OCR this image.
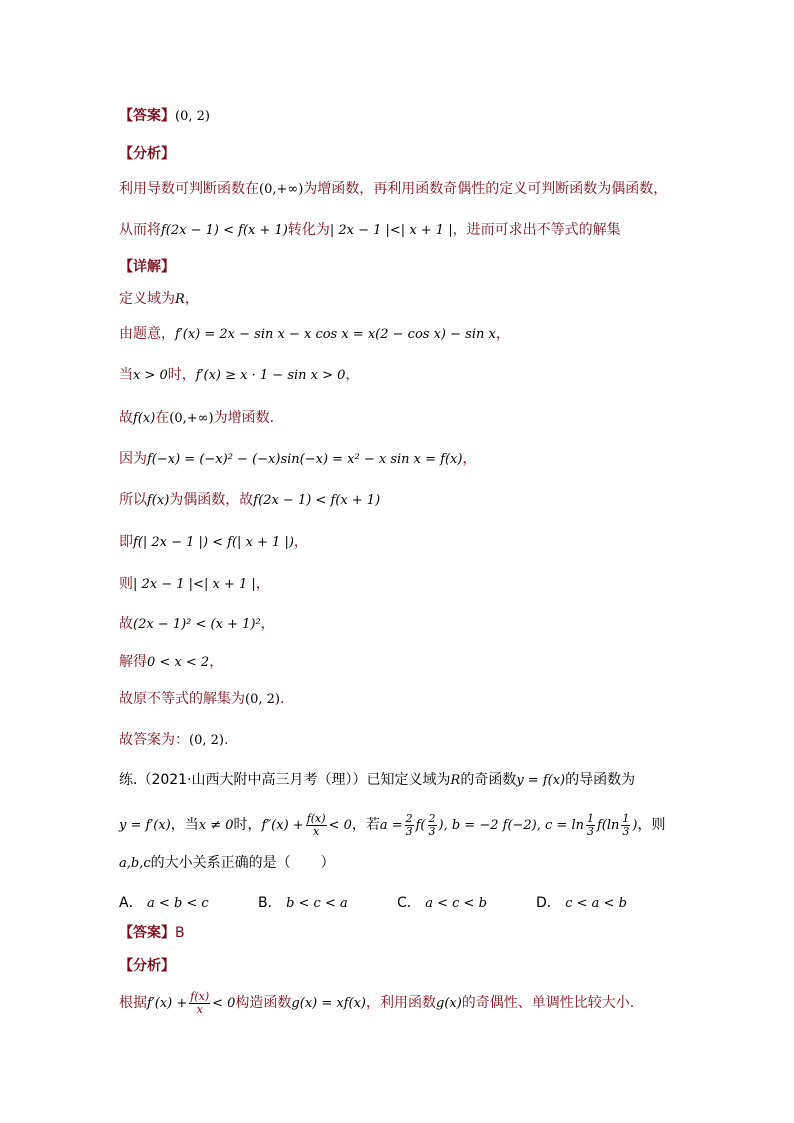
【答案】(0, 2)
【分析】
利用导数可判断函数在(0,+∞)为增函数，再利用函数奇偶性的定义可判断函数为偶函数，
从而将f(2x − 1) < f(x + 1)转化为| 2x − 1 |<| x + 1 |，进而可求出不等式的解集
【详解】
定义域为R，
由题意，f′(x) = 2x − sin x − x cos x = x(2 − cos x) − sin x，
当x > 0时，f′(x) ≥ x · 1 − sin x > 0，
故f(x)在(0,+∞)为增函数.
因为f(−x) = (−x)² − (−x)sin(−x) = x² − x sin x = f(x)，
所以f(x)为偶函数，故f(2x − 1) < f(x + 1)
即f(| 2x − 1 |) < f(| x + 1 |)，
则| 2x − 1 |<| x + 1 |，
故(2x − 1)² < (x + 1)²，
解得0 < x < 2，
故原不等式的解集为(0, 2).
故答案为：(0, 2).
练.（2021·山西大附中高三月考（理））已知定义域为R的奇函数y = f(x)的导函数为
y = f′(x)，当x ≠ 0时，$f''(x) + \frac{f(x)}{x} < 0$，若$a = \frac{2}{3} f( \frac{2}{3}$ ), b = −2 f(−2), $c = \ln \frac{1}{3} f(\ln \frac{1}{3}$ )，则
a,b,c的大小关系正确的是（ ）
A． a < b < c	B． b < c < a	C． a < c < b	D． c < a < b
【答案】B
【分析】
根据$f'(x) + \frac{f(x)}{x} < 0$构造函数g(x) = xf(x)，利用函数g(x)的奇偶性、单调性比较大小.
